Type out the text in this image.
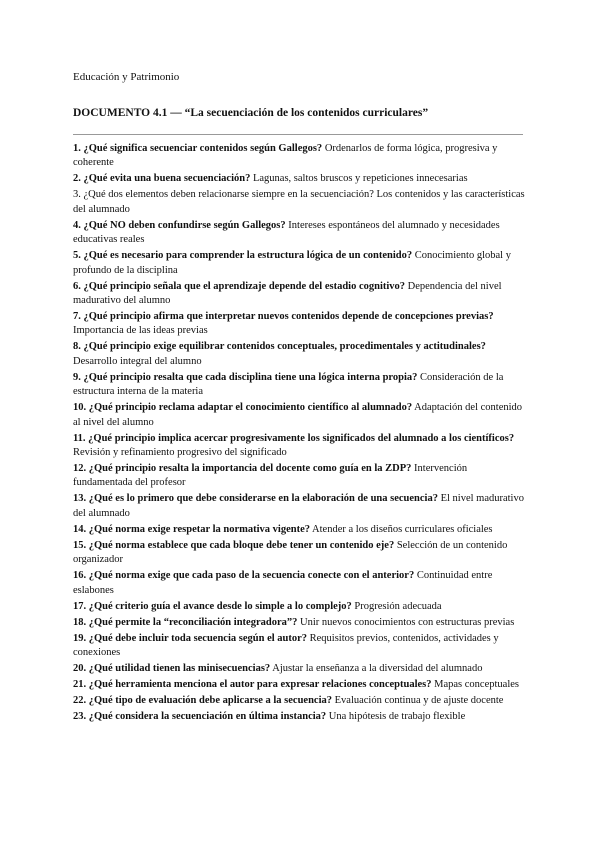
Educación y Patrimonio
DOCUMENTO 4.1 — “La secuenciación de los contenidos curriculares”
1. ¿Qué significa secuenciar contenidos según Gallegos? Ordenarlos de forma lógica, progresiva y coherente
2. ¿Qué evita una buena secuenciación? Lagunas, saltos bruscos y repeticiones innecesarias
3. ¿Qué dos elementos deben relacionarse siempre en la secuenciación? Los contenidos y las características del alumnado
4. ¿Qué NO deben confundirse según Gallegos? Intereses espontáneos del alumnado y necesidades educativas reales
5. ¿Qué es necesario para comprender la estructura lógica de un contenido? Conocimiento global y profundo de la disciplina
6. ¿Qué principio señala que el aprendizaje depende del estadio cognitivo? Dependencia del nivel madurativo del alumno
7. ¿Qué principio afirma que interpretar nuevos contenidos depende de concepciones previas? Importancia de las ideas previas
8. ¿Qué principio exige equilibrar contenidos conceptuales, procedimentales y actitudinales? Desarrollo integral del alumno
9. ¿Qué principio resalta que cada disciplina tiene una lógica interna propia? Consideración de la estructura interna de la materia
10. ¿Qué principio reclama adaptar el conocimiento científico al alumnado? Adaptación del contenido al nivel del alumno
11. ¿Qué principio implica acercar progresivamente los significados del alumnado a los científicos? Revisión y refinamiento progresivo del significado
12. ¿Qué principio resalta la importancia del docente como guía en la ZDP? Intervención fundamentada del profesor
13. ¿Qué es lo primero que debe considerarse en la elaboración de una secuencia? El nivel madurativo del alumnado
14. ¿Qué norma exige respetar la normativa vigente? Atender a los diseños curriculares oficiales
15. ¿Qué norma establece que cada bloque debe tener un contenido eje? Selección de un contenido organizador
16. ¿Qué norma exige que cada paso de la secuencia conecte con el anterior? Continuidad entre eslabones
17. ¿Qué criterio guía el avance desde lo simple a lo complejo? Progresión adecuada
18. ¿Qué permite la “reconciliación integradora”? Unir nuevos conocimientos con estructuras previas
19. ¿Qué debe incluir toda secuencia según el autor? Requisitos previos, contenidos, actividades y conexiones
20. ¿Qué utilidad tienen las minisecuencias? Ajustar la enseñanza a la diversidad del alumnado
21. ¿Qué herramienta menciona el autor para expresar relaciones conceptuales? Mapas conceptuales
22. ¿Qué tipo de evaluación debe aplicarse a la secuencia? Evaluación continua y de ajuste docente
23. ¿Qué considera la secuenciación en última instancia? Una hipótesis de trabajo flexible
